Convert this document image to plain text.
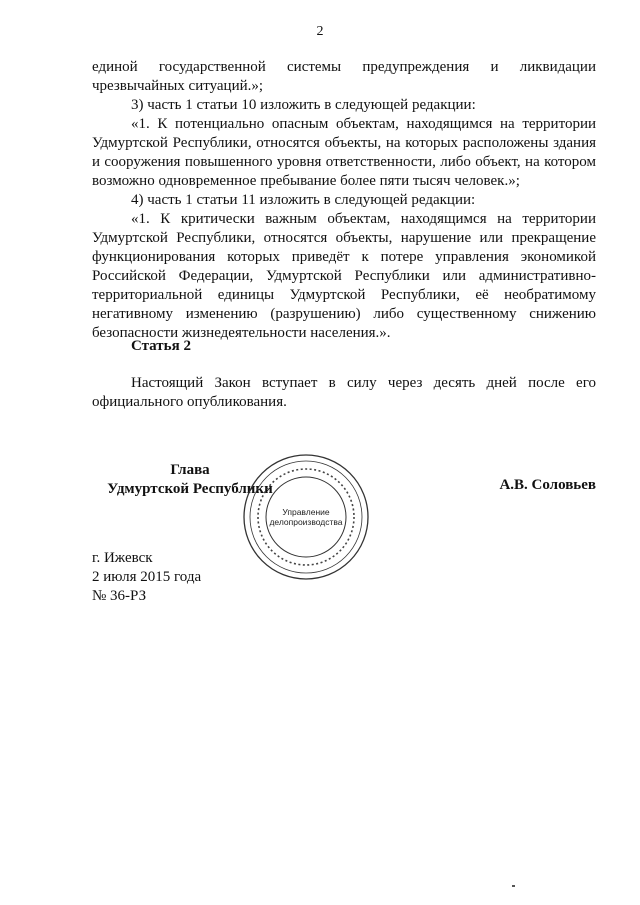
2

единой государственной системы предупреждения и ликвидации чрезвычайных ситуаций.»;

3) часть 1 статьи 10 изложить в следующей редакции:

«1. К потенциально опасным объектам, находящимся на территории Удмуртской Республики, относятся объекты, на которых расположены здания и сооружения повышенного уровня ответственности, либо объект, на котором возможно одновременное пребывание более пяти тысяч человек.»;

4) часть 1 статьи 11 изложить в следующей редакции:

«1. К критически важным объектам, находящимся на территории Удмуртской Республики, относятся объекты, нарушение или прекращение функционирования которых приведёт к потере управления экономикой Российской Федерации, Удмуртской Республики или административно-территориальной единицы Удмуртской Республики, её необратимому негативному изменению (разрушению) либо существенному снижению безопасности жизнедеятельности населения.».

Статья 2
Настоящий Закон вступает в силу через десять дней после его официального опубликования.
Глава
Удмуртской Республики	А.В. Соловьев
Управление
делопроизводства
г. Ижевск
2 июля 2015 года
№ 36-РЗ
